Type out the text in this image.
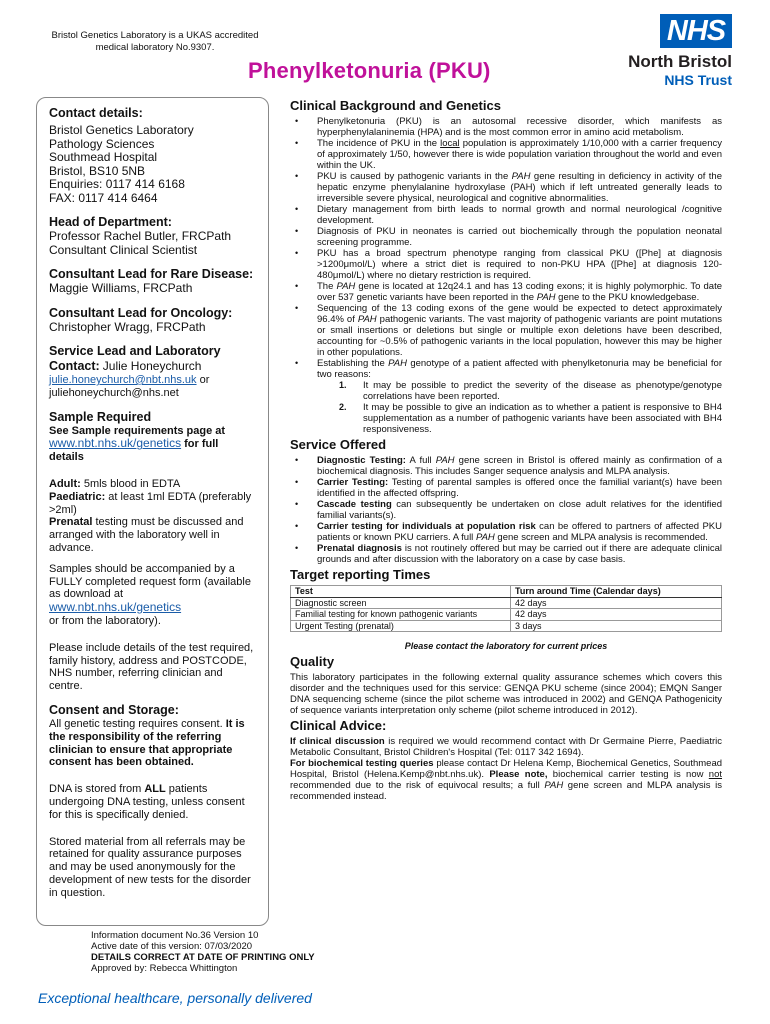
Bristol Genetics Laboratory is a UKAS accredited medical laboratory No.9307.
Phenylketonuria (PKU)
NHS
North Bristol
NHS Trust
Contact details:
Bristol Genetics Laboratory
Pathology Sciences
Southmead Hospital
Bristol, BS10 5NB
Enquiries: 0117 414 6168
FAX: 0117 414 6464
Head of Department:
Professor Rachel Butler, FRCPath
Consultant Clinical Scientist
Consultant Lead for Rare Disease:
Maggie Williams, FRCPath
Consultant Lead for Oncology:
Christopher Wragg, FRCPath
Service Lead and Laboratory Contact: Julie Honeychurch
julie.honeychurch@nbt.nhs.uk or
juliehoneychurch@nhs.net
Sample Required
See Sample requirements page at
www.nbt.nhs.uk/genetics for full details

Adult: 5mls blood in EDTA
Paediatric: at least 1ml EDTA (preferably >2ml)
Prenatal testing must be discussed and arranged with the laboratory well in advance.

Samples should be accompanied by a FULLY completed request form (available as download at
www.nbt.nhs.uk/genetics
or from the laboratory).

Please include details of the test required, family history, address and POSTCODE, NHS number, referring clinician and centre.

Consent and Storage:

All genetic testing requires consent. It is the responsibility of the referring clinician to ensure that appropriate consent has been obtained.

DNA is stored from ALL patients undergoing DNA testing, unless consent for this is specifically denied.

Stored material from all referrals may be retained for quality assurance purposes and may be used anonymously for the development of new tests for the disorder in question.

Clinical Background and Genetics
• Phenylketonuria (PKU) is an autosomal recessive disorder, which manifests as hyperphenylalaninemia (HPA) and is the most common error in amino acid metabolism.
• The incidence of PKU in the local population is approximately 1/10,000 with a carrier frequency of approximately 1/50, however there is wide population variation throughout the world and even within the UK.
• PKU is caused by pathogenic variants in the PAH gene resulting in deficiency in activity of the hepatic enzyme phenylalanine hydroxylase (PAH) which if left untreated generally leads to irreversible severe physical, neurological and cognitive abnormalities.
• Dietary management from birth leads to normal growth and normal neurological /cognitive development.
• Diagnosis of PKU in neonates is carried out biochemically through the population neonatal screening programme.
• PKU has a broad spectrum phenotype ranging from classical PKU ([Phe] at diagnosis >1200μmol/L) where a strict diet is required to non-PKU HPA ([Phe] at diagnosis 120-480μmol/L) where no dietary restriction is required.
• The PAH gene is located at 12q24.1 and has 13 coding exons; it is highly polymorphic. To date over 537 genetic variants have been reported in the PAH gene to the PKU knowledgebase.
• Sequencing of the 13 coding exons of the gene would be expected to detect approximately 96.4% of PAH pathogenic variants. The vast majority of pathogenic variants are point mutations or small insertions or deletions but single or multiple exon deletions have been described, accounting for ~0.5% of pathogenic variants in the local population, however this may be higher in other populations.
• Establishing the PAH genotype of a patient affected with phenylketonuria may be beneficial for two reasons:
1. It may be possible to predict the severity of the disease as phenotype/genotype correlations have been reported.
2. It may be possible to give an indication as to whether a patient is responsive to BH4 supplementation as a number of pathogenic variants have been associated with BH4 responsiveness.
Service Offered
• Diagnostic Testing: A full PAH gene screen in Bristol is offered mainly as confirmation of a biochemical diagnosis. This includes Sanger sequence analysis and MLPA analysis.
• Carrier Testing: Testing of parental samples is offered once the familial variant(s) have been identified in the affected offspring.
• Cascade testing can subsequently be undertaken on close adult relatives for the identified familial variants(s).
• Carrier testing for individuals at population risk can be offered to partners of affected PKU patients or known PKU carriers. A full PAH gene screen and MLPA analysis is recommended.
• Prenatal diagnosis is not routinely offered but may be carried out if there are adequate clinical grounds and after discussion with the laboratory on a case by case basis.
Target reporting Times
Test	Turn around Time (Calendar days)
Diagnostic screen	42 days
Familial testing for known pathogenic variants	42 days
Urgent Testing (prenatal)	3 days
Please contact the laboratory for current prices
Quality
This laboratory participates in the following external quality assurance schemes which covers this disorder and the techniques used for this service: GENQA PKU scheme (since 2004); EMQN Sanger DNA sequencing scheme (since the pilot scheme was introduced in 2002) and GENQA Pathogenicity of sequence variants interpretation only scheme (pilot scheme introduced in 2012).
Clinical Advice:
If clinical discussion is required we would recommend contact with Dr Germaine Pierre, Paediatric Metabolic Consultant, Bristol Children's Hospital (Tel: 0117 342 1694).
For biochemical testing queries please contact Dr Helena Kemp, Biochemical Genetics, Southmead Hospital, Bristol (Helena.Kemp@nbt.nhs.uk). Please note, biochemical carrier testing is now not recommended due to the risk of equivocal results; a full PAH gene screen and MLPA analysis is recommended instead.
Information document No.36 Version 10
Active date of this version: 07/03/2020
DETAILS CORRECT AT DATE OF PRINTING ONLY
Approved by: Rebecca Whittington
Exceptional healthcare, personally delivered
